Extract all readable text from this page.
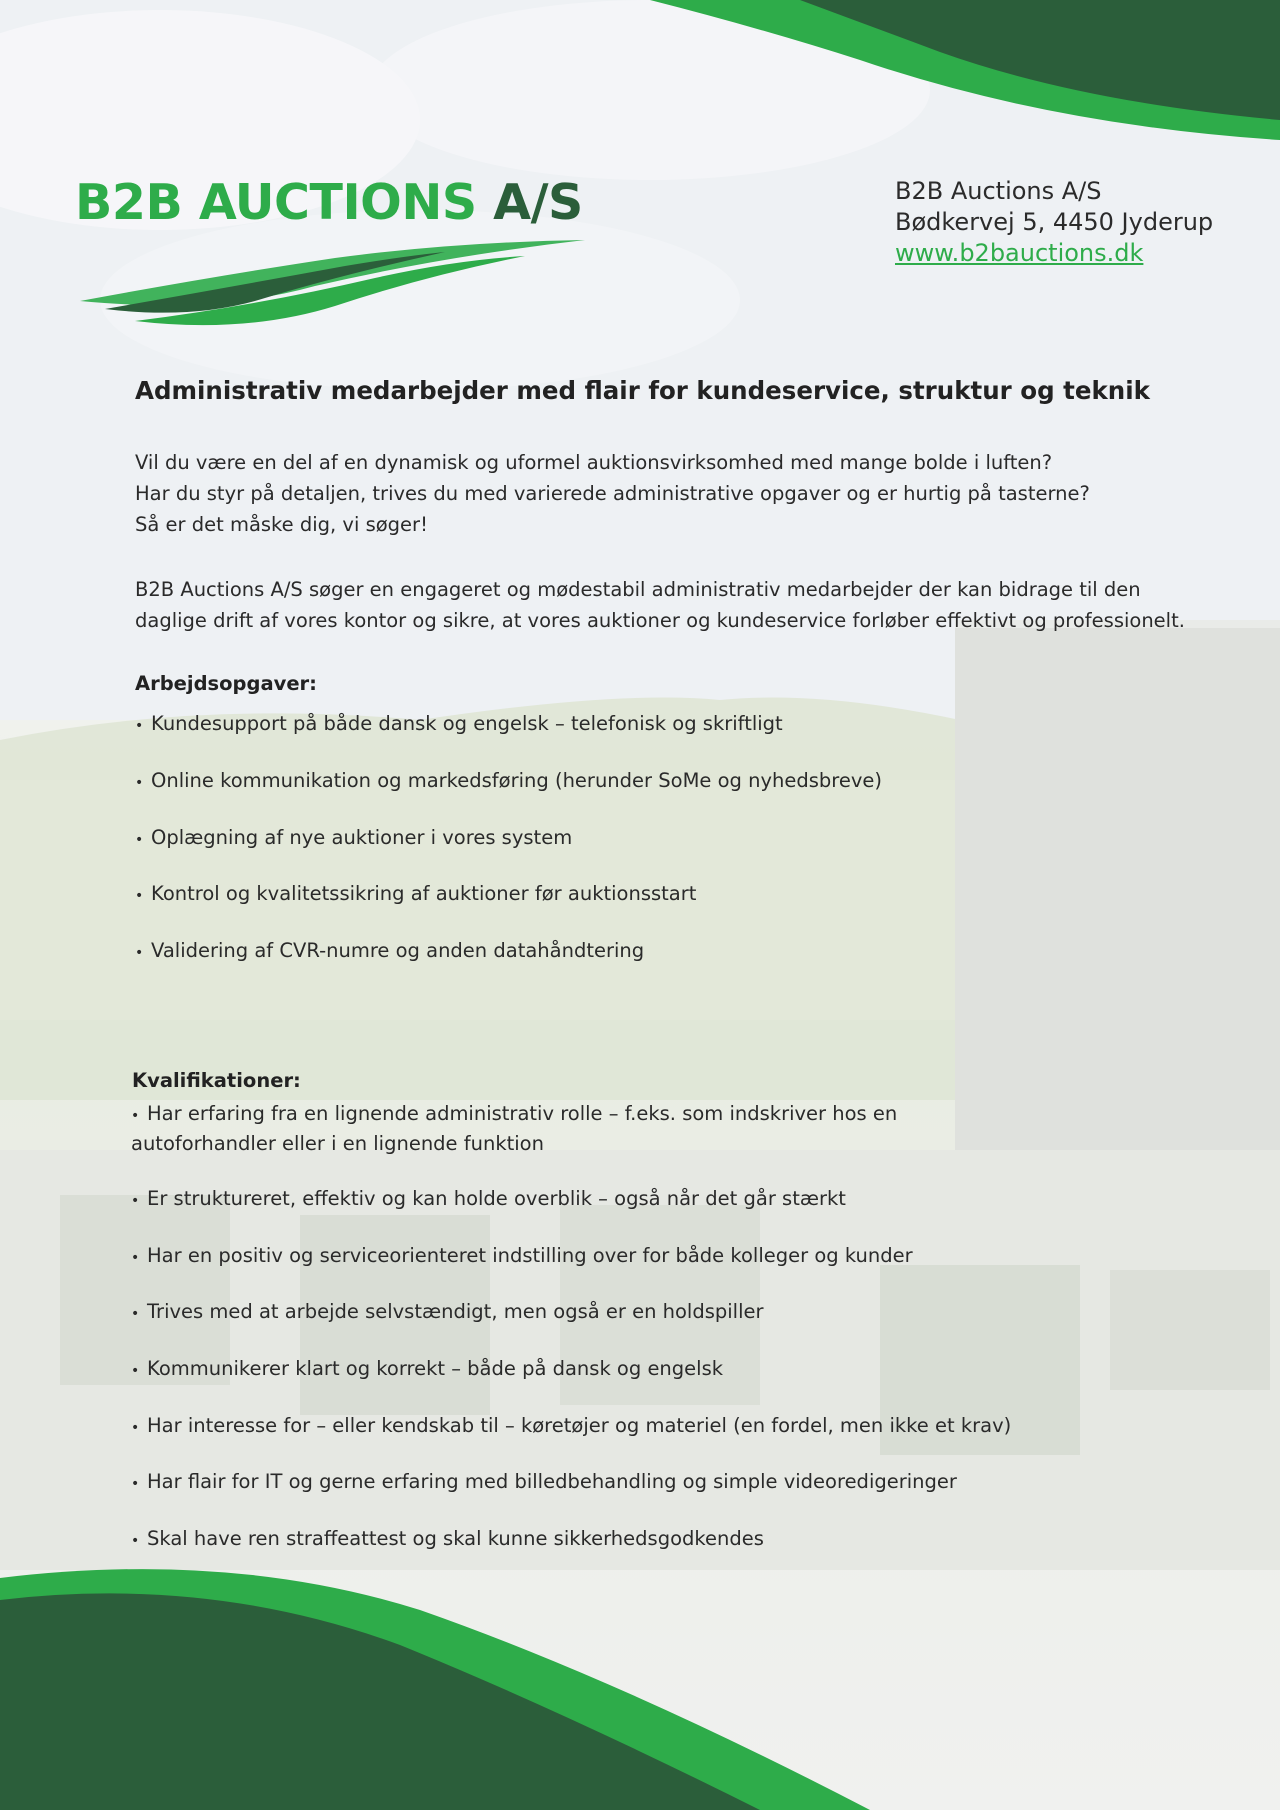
B2B AUCTIONS A/S	B2B Auctions A/S
Bødkervej 5, 4450 Jyderup
www.b2bauctions.dk
Administrativ medarbejder med flair for kundeservice, struktur og teknik
Vil du være en del af en dynamisk og uformel auktionsvirksomhed med mange bolde i luften?
Har du styr på detaljen, trives du med varierede administrative opgaver og er hurtig på tasterne?
Så er det måske dig, vi søger!
B2B Auctions A/S søger en engageret og mødestabil administrativ medarbejder der kan bidrage til den
daglige drift af vores kontor og sikre, at vores auktioner og kundeservice forløber effektivt og professionelt.
Arbejdsopgaver:
• Kundesupport på både dansk og engelsk – telefonisk og skriftligt
• Online kommunikation og markedsføring (herunder SoMe og nyhedsbreve)
• Oplægning af nye auktioner i vores system
• Kontrol og kvalitetssikring af auktioner før auktionsstart
• Validering af CVR-numre og anden datahåndtering
Kvalifikationer:
• Har erfaring fra en lignende administrativ rolle – f.eks. som indskriver hos en
autoforhandler eller i en lignende funktion
• Er struktureret, effektiv og kan holde overblik – også når det går stærkt
• Har en positiv og serviceorienteret indstilling over for både kolleger og kunder
• Trives med at arbejde selvstændigt, men også er en holdspiller
• Kommunikerer klart og korrekt – både på dansk og engelsk
• Har interesse for – eller kendskab til – køretøjer og materiel (en fordel, men ikke et krav)
• Har flair for IT og gerne erfaring med billedbehandling og simple videoredigeringer
• Skal have ren straffeattest og skal kunne sikkerhedsgodkendes
